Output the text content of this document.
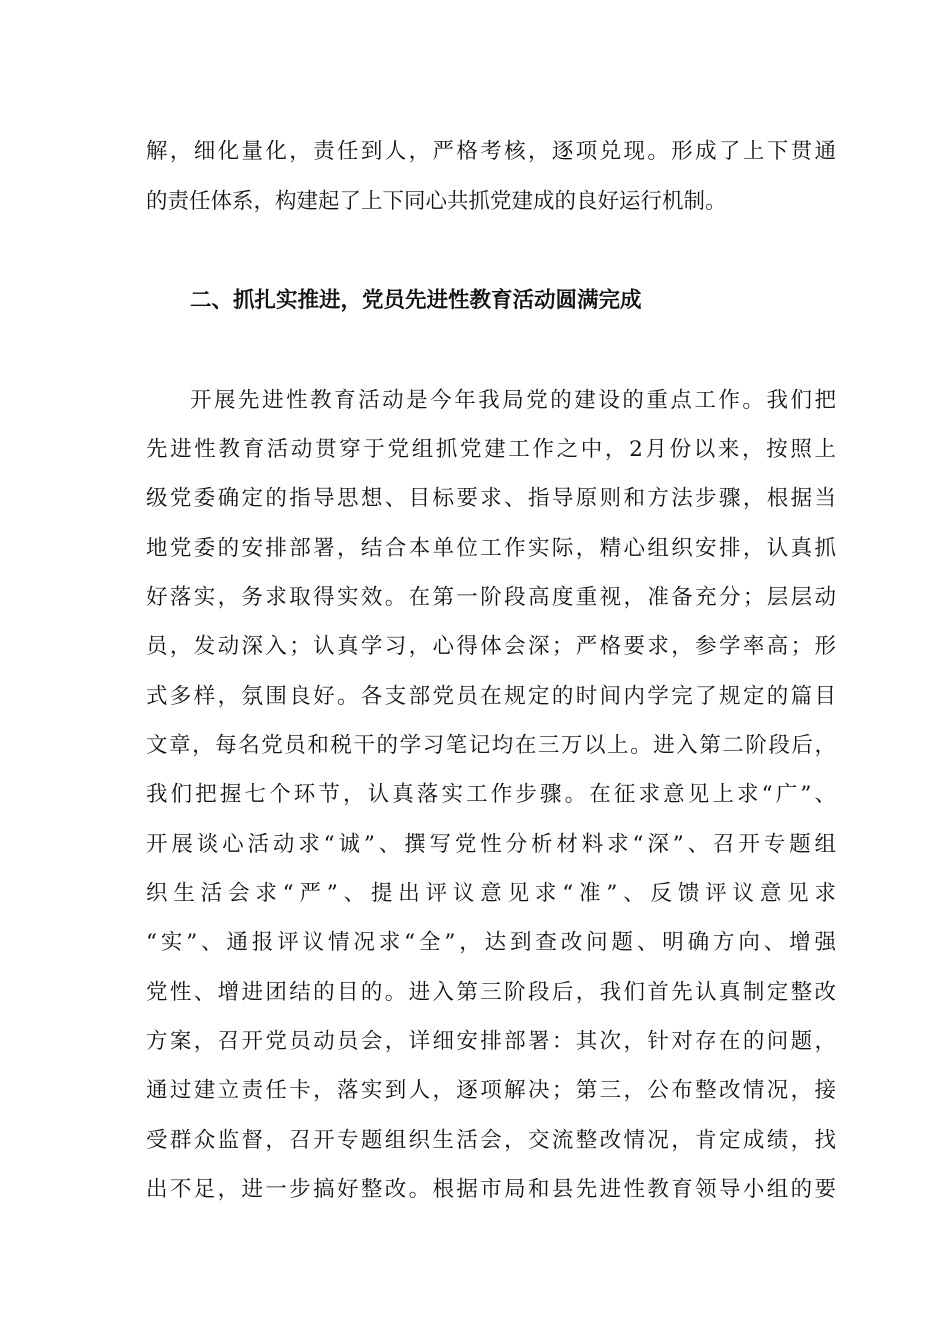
解，细化量化，责任到人，严格考核，逐项兑现。形成了上下贯通
的责任体系，构建起了上下同心共抓党建成的良好运行机制。
二、抓扎实推进，党员先进性教育活动圆满完成
开展先进性教育活动是今年我局党的建设的重点工作。我们把
先进性教育活动贯穿于党组抓党建工作之中，2月份以来，按照上
级党委确定的指导思想、目标要求、指导原则和方法步骤，根据当
地党委的安排部署，结合本单位工作实际，精心组织安排，认真抓
好落实，务求取得实效。在第一阶段高度重视，准备充分；层层动
员，发动深入；认真学习，心得体会深；严格要求，参学率高；形
式多样，氛围良好。各支部党员在规定的时间内学完了规定的篇目
文章，每名党员和税干的学习笔记均在三万以上。进入第二阶段后，
我们把握七个环节，认真落实工作步骤。在征求意见上求“广”、
开展谈心活动求“诚”、撰写党性分析材料求“深”、召开专题组
织生活会求“严”、提出评议意见求“准”、反馈评议意见求
“实”、通报评议情况求“全”，达到查改问题、明确方向、增强
党性、增进团结的目的。进入第三阶段后，我们首先认真制定整改
方案，召开党员动员会，详细安排部署：其次，针对存在的问题，
通过建立责任卡，落实到人，逐项解决；第三，公布整改情况，接
受群众监督，召开专题组织生活会，交流整改情况，肯定成绩，找
出不足，进一步搞好整改。根据市局和县先进性教育领导小组的要
